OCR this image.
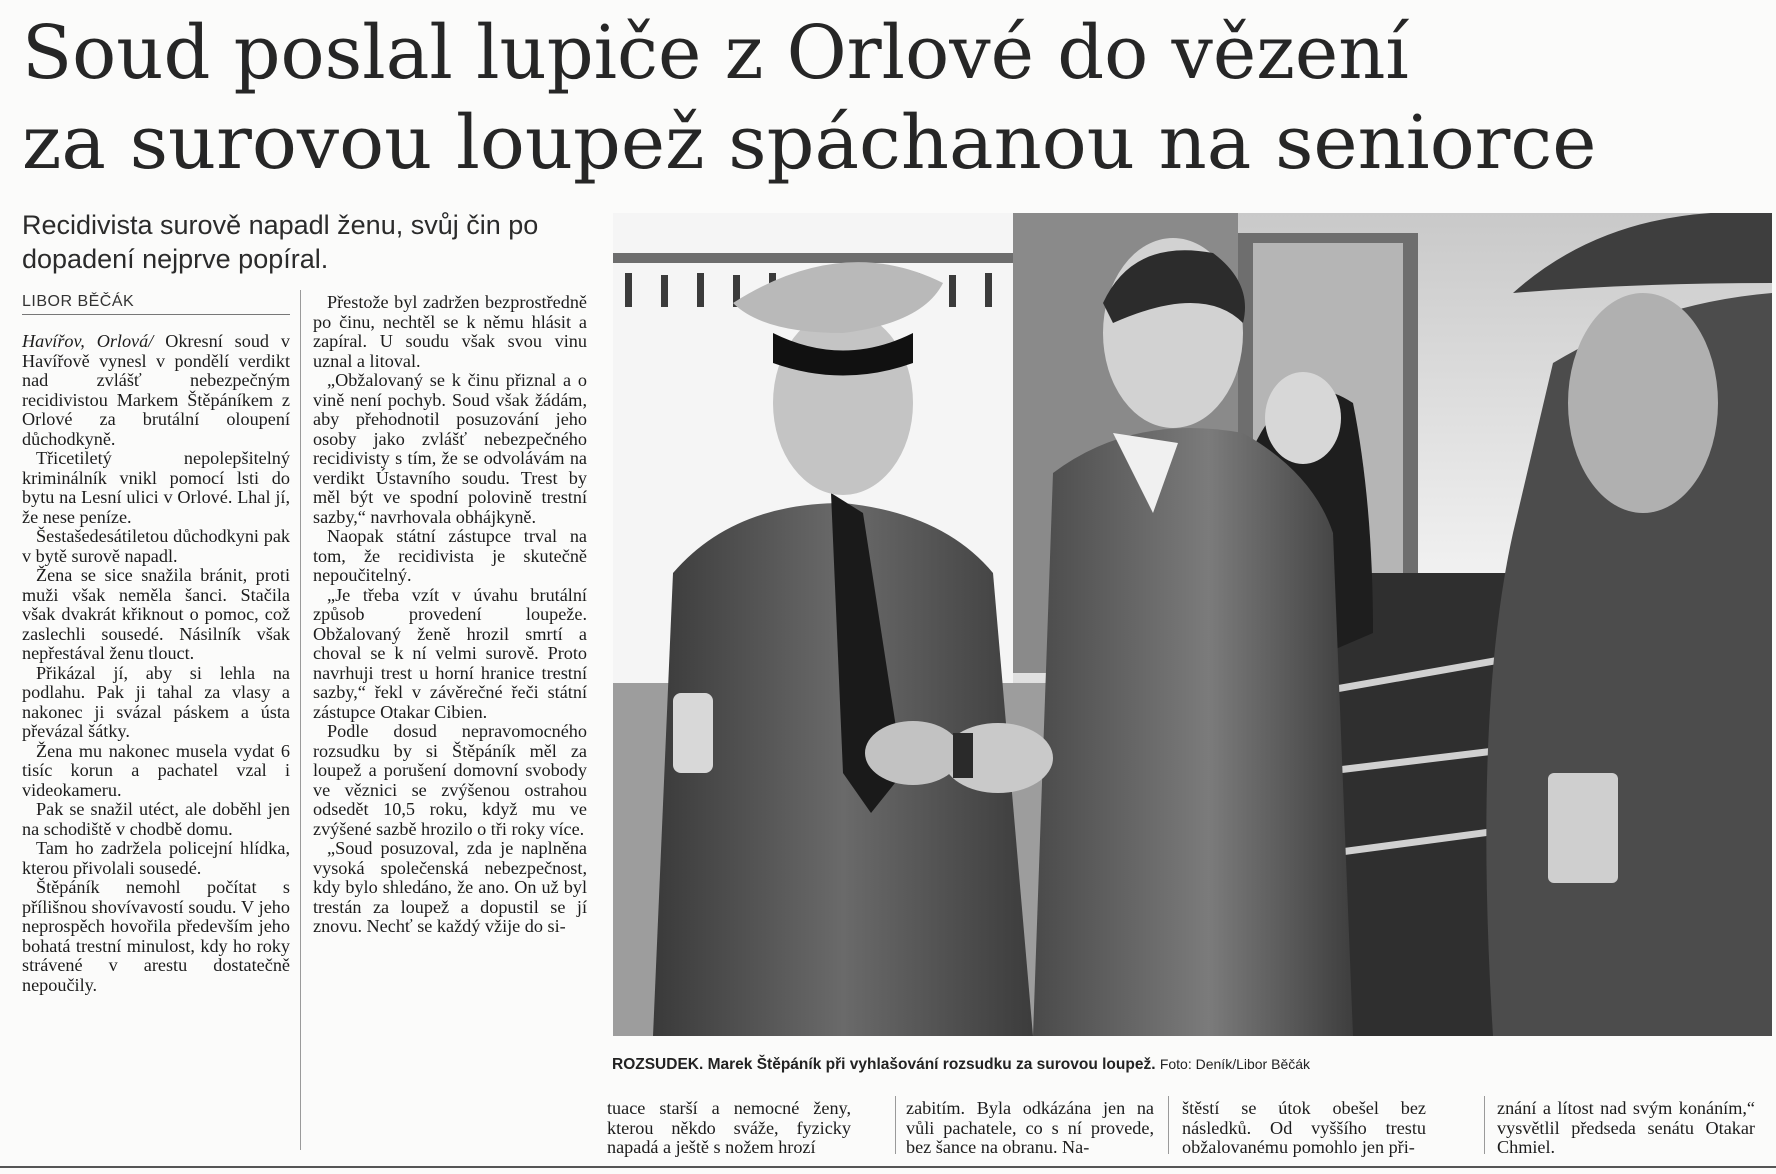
Soud poslal lupiče z Orlové do vězení
za surovou loupež spáchanou na seniorce

Recidivista surově napadl ženu, svůj čin po
dopadení nejprve popíral.

LIBOR BĚČÁK

Havířov, Orlová/ Okresní soud v Havířově vynesl v pondělí verdikt nad zvlášť nebezpečným recidivistou Markem Štěpáníkem z Orlové za brutální oloupení důchodkyně.

Třicetiletý nepolepšitelný kriminálník vnikl pomocí lsti do bytu na Lesní ulici v Orlové. Lhal jí, že nese peníze.

Šestašedesátiletou důchodkyni pak v bytě surově napadl.

Žena se sice snažila bránit, proti muži však neměla šanci. Stačila však dvakrát křiknout o pomoc, což zaslechli sousedé. Násilník však nepřestával ženu tlouct.

Přikázal jí, aby si lehla na podlahu. Pak ji tahal za vlasy a nakonec ji svázal páskem a ústa převázal šátky.

Žena mu nakonec musela vydat 6 tisíc korun a pachatel vzal i videokameru.

Pak se snažil utéct, ale doběhl jen na schodiště v chodbě domu.

Tam ho zadržela policejní hlídka, kterou přivolali sousedé.

Štěpáník nemohl počítat s přílišnou shovívavostí soudu. V jeho neprospěch hovořila především jeho bohatá trestní minulost, kdy ho roky strávené v arestu dostatečně nepoučily.

Přestože byl zadržen bezprostředně po činu, nechtěl se k němu hlásit a zapíral. U soudu však svou vinu uznal a litoval.

„Obžalovaný se k činu přiznal a o vině není pochyb. Soud však žádám, aby přehodnotil posuzování jeho osoby jako zvlášť nebezpečného recidivisty s tím, že se odvolávám na verdikt Ústavního soudu. Trest by měl být ve spodní polovině trestní sazby,“ navrhovala obhájkyně.

Naopak státní zástupce trval na tom, že recidivista je skutečně nepoučitelný.

„Je třeba vzít v úvahu brutální způsob provedení loupeže. Obžalovaný ženě hrozil smrtí a choval se k ní velmi surově. Proto navrhuji trest u horní hranice trestní sazby,“ řekl v závěrečné řeči státní zástupce Otakar Cibien.

Podle dosud nepravomocného rozsudku by si Štěpáník měl za loupež a porušení domovní svobody ve věznici se zvýšenou ostrahou odsedět 10,5 roku, když mu ve zvýšené sazbě hrozilo o tři roky více.

„Soud posuzoval, zda je naplněna vysoká společenská nebezpečnost, kdy bylo shledáno, že ano. On už byl trestán za loupež a dopustil se jí znovu. Nechť se každý vžije do si-

ROZSUDEK. Marek Štěpáník při vyhlašování rozsudku za surovou loupež. Foto: Deník/Libor Běčák

tuace starší a nemocné ženy, kterou někdo sváže, fyzicky napadá a ještě s nožem hrozí

zabitím. Byla odkázána jen na vůli pachatele, co s ní provede, bez šance na obranu. Na-

štěstí se útok obešel bez následků. Od vyššího trestu obžalovanému pomohlo jen při-

znání a lítost nad svým konáním,“ vysvětlil předseda senátu Otakar Chmiel.
